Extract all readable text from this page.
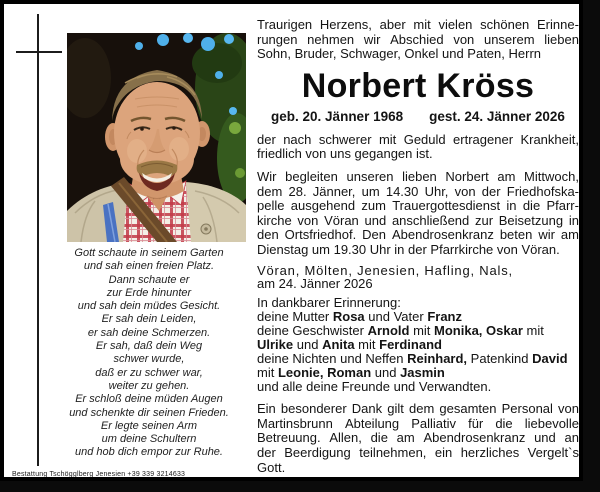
Gott schaute in seinem Garten
und sah einen freien Platz.
Dann schaute er
zur Erde hinunter
und sah dein müdes Gesicht.
Er sah dein Leiden,
er sah deine Schmerzen.
Er sah, daß dein Weg
schwer wurde,
daß er zu schwer war,
weiter zu gehen.
Er schloß deine müden Augen
und schenkte dir seinen Frieden.
Er legte seinen Arm
um deine Schultern
und hob dich empor zur Ruhe.
Bestattung Tschögglberg Jenesien +39 339 3214633
Traurigen Herzens, aber mit vielen schönen Erinne-
rungen nehmen wir Abschied von unserem lieben
Sohn, Bruder, Schwager, Onkel und Paten, Herrn
Norbert Kröss
geb. 20. Jänner 1968 gest. 24. Jänner 2026
der nach schwerer mit Geduld ertragener Krankheit,
friedlich von uns gegangen ist.
Wir begleiten unseren lieben Norbert am Mittwoch,
dem 28. Jänner, um 14.30 Uhr, von der Friedhofska-
pelle ausgehend zum Trauergottesdienst in die Pfarr-
kirche von Vöran und anschließend zur Beisetzung in
den Ortsfriedhof. Den Abendrosenkranz beten wir am
Dienstag um 19.30 Uhr in der Pfarrkirche von Vöran.
Vöran, Mölten, Jenesien, Hafling, Nals,
am 24. Jänner 2026
In dankbarer Erinnerung:
deine Mutter Rosa und Vater Franz
deine Geschwister Arnold mit Monika, Oskar mit
Ulrike und Anita mit Ferdinand
deine Nichten und Neffen Reinhard, Patenkind David
mit Leonie, Roman und Jasmin
und alle deine Freunde und Verwandten.
Ein besonderer Dank gilt dem gesamten Personal von
Martinsbrunn Abteilung Palliativ für die liebevolle
Betreuung. Allen, die am Abendrosenkranz und an
der Beerdigung teilnehmen, ein herzliches Vergelt`s
Gott.
